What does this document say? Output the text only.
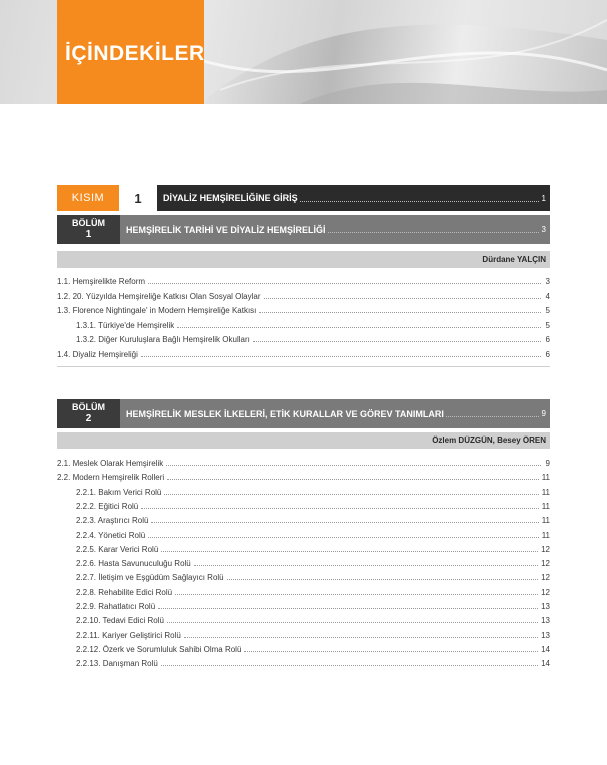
İÇİNDEKİLER
KISIM	1	DİYALİZ HEMŞİRELİĞİNE GİRİŞ	1
BÖLÜM
1	HEMŞİRELİK TARİHİ VE DİYALİZ HEMŞİRELİĞİ	3
Dürdane YALÇIN
1.1. Hemşirelikte Reform	3
1.2. 20. Yüzyılda Hemşireliğe Katkısı Olan Sosyal Olaylar	4
1.3. Florence Nightingale' in Modern Hemşireliğe Katkısı	5
1.3.1. Türkiye'de Hemşirelik	5
1.3.2. Diğer Kuruluşlara Bağlı Hemşirelik Okulları	6
1.4. Diyaliz Hemşireliği	6
BÖLÜM
2	HEMŞİRELİK MESLEK İLKELERİ, ETİK KURALLAR VE GÖREV TANIMLARI	9
Özlem DÜZGÜN, Besey ÖREN
2.1. Meslek Olarak Hemşirelik	9
2.2. Modern Hemşirelik Rolleri	11
2.2.1. Bakım Verici Rolü	11
2.2.2. Eğitici Rolü	11
2.2.3. Araştırıcı Rolü	11
2.2.4. Yönetici Rolü	11
2.2.5. Karar Verici Rolü	12
2.2.6. Hasta Savunuculuğu Rolü	12
2.2.7. İletişim ve Eşgüdüm Sağlayıcı Rolü	12
2.2.8. Rehabilite Edici Rolü	12
2.2.9. Rahatlatıcı Rolü	13
2.2.10. Tedavi Edici Rolü	13
2.2.11. Kariyer Geliştirici Rolü	13
2.2.12. Özerk ve Sorumluluk Sahibi Olma Rolü	14
2.2.13. Danışman Rolü	14
